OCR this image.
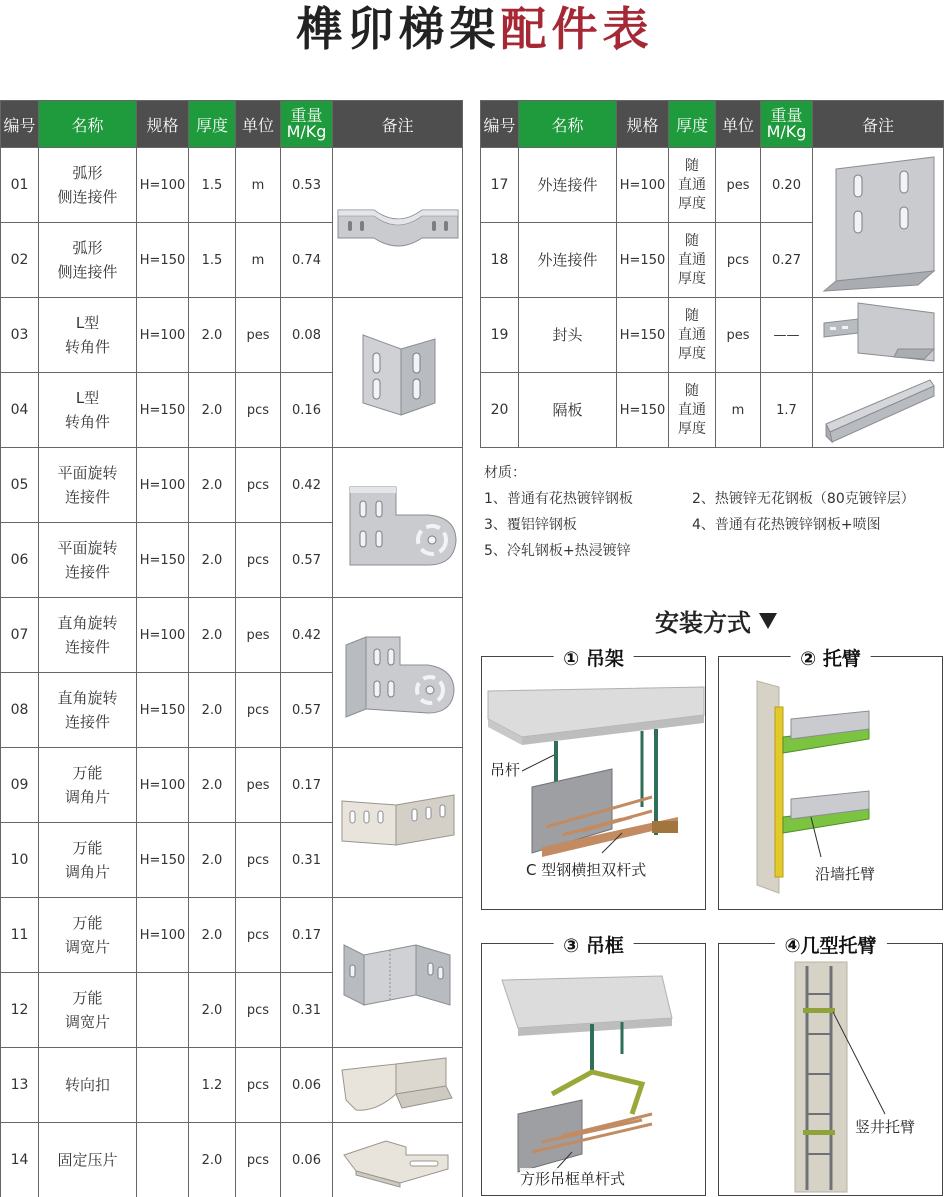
榫卯梯架配件表
编号	名称	规格	厚度	单位	重量
M/Kg	备注
01	弧形
侧连接件	H=100	1.5	m	0.53	

02	弧形
侧连接件	H=150	1.5	m	0.74	
03	L型
转角件	H=100	2.0	pes	0.08	

04	L型
转角件	H=150	2.0	pcs	0.16	
05	平面旋转
连接件	H=100	2.0	pcs	0.42	

06	平面旋转
连接件	H=150	2.0	pcs	0.57	
07	直角旋转
连接件	H=100	2.0	pes	0.42	

08	直角旋转
连接件	H=150	2.0	pcs	0.57	
09	万能
调角片	H=100	2.0	pes	0.17	

10	万能
调角片	H=150	2.0	pcs	0.31	
11	万能
调宽片	H=100	2.0	pcs	0.17	

12	万能
调宽片		2.0	pcs	0.31	
13	转向扣		1.2	pcs	0.06	

14	固定压片		2.0	pcs	0.06	
编号	名称	规格	厚度	单位	重量
M/Kg	备注
17	外连接件	H=100	随
直通
厚度	pes	0.20	

18	外连接件	H=150	随
直通
厚度	pcs	0.27	
19	封头	H=150	随
直通
厚度	pes	——	

20	隔板	H=150	随
直通
厚度	m	1.7	
材质：
1、普通有花热镀锌钢板	2、热镀锌无花钢板（80克镀锌层）
3、覆铝锌钢板	4、普通有花热镀锌钢板+喷图
5、冷轧钢板+热浸镀锌
安装方式
① 吊架
吊杆
C 型钢横担双杆式
② 托臂
沿墙托臂
③ 吊框
方形吊框单杆式
④几型托臂
竖井托臂
